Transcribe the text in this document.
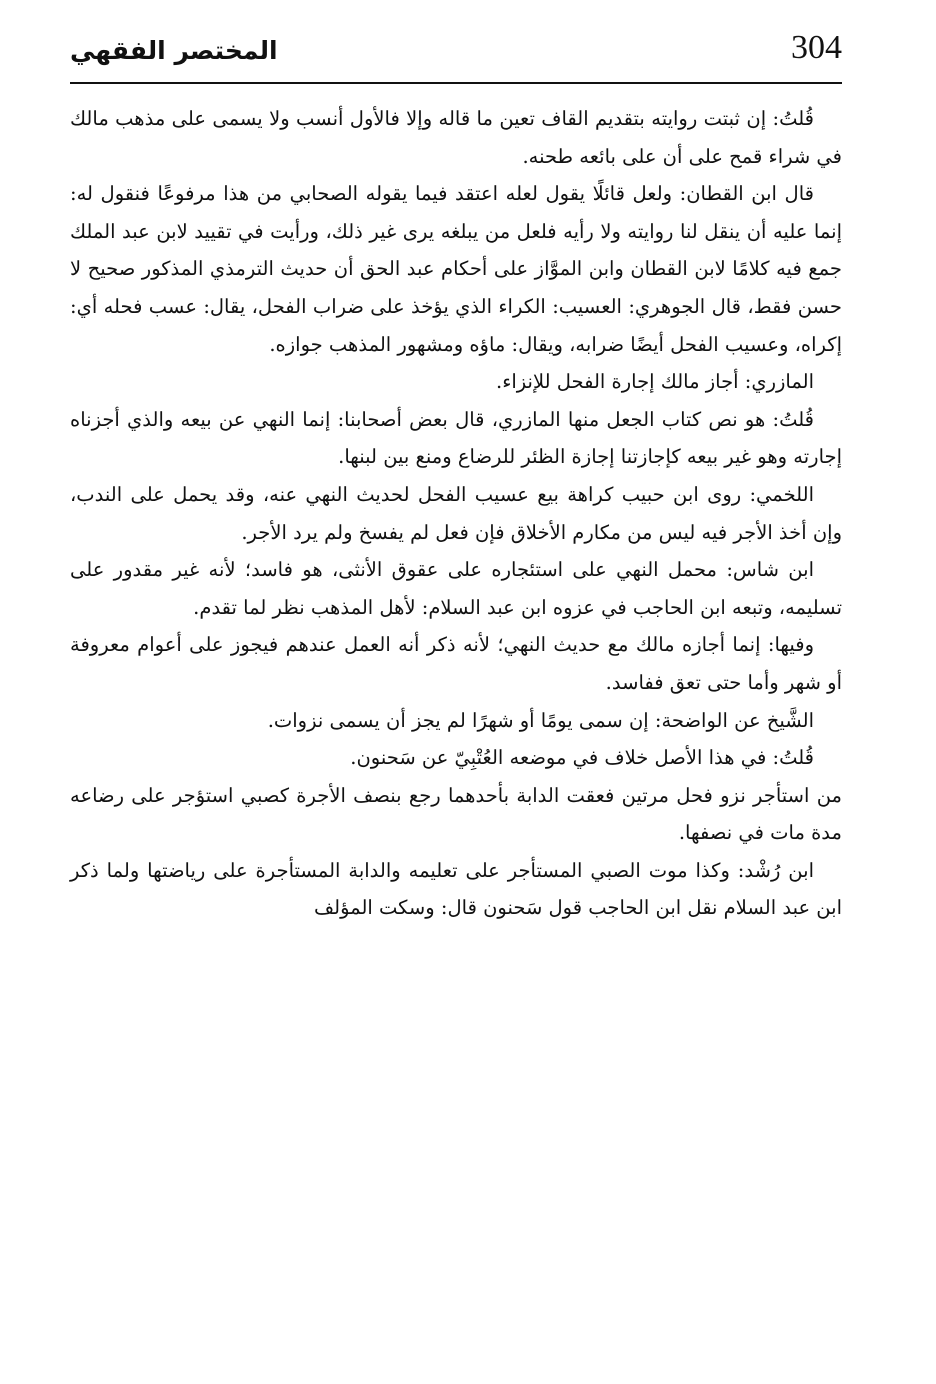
304
المختصر الفقهي

قُلتُ: إن ثبتت روايته بتقديم القاف تعين ما قاله وإلا فالأول أنسب ولا يسمى على مذهب مالك في شراء قمح على أن على بائعه طحنه.

قال ابن القطان: ولعل قائلًا يقول لعله اعتقد فيما يقوله الصحابي من هذا مرفوعًا فنقول له: إنما عليه أن ينقل لنا روايته ولا رأيه فلعل من يبلغه يرى غير ذلك، ورأيت في تقييد لابن عبد الملك جمع فيه كلامًا لابن القطان وابن الموَّاز على أحكام عبد الحق أن حديث الترمذي المذكور صحيح لا حسن فقط، قال الجوهري: العسيب: الكراء الذي يؤخذ على ضراب الفحل، يقال: عسب فحله أي: إكراه، وعسيب الفحل أيضًا ضرابه، ويقال: ماؤه ومشهور المذهب جوازه.

المازري: أجاز مالك إجارة الفحل للإنزاء.

قُلتُ: هو نص كتاب الجعل منها المازري، قال بعض أصحابنا: إنما النهي عن بيعه والذي أجزناه إجارته وهو غير بيعه كإجازتنا إجازة الظئر للرضاع ومنع بين لبنها.

اللخمي: روى ابن حبيب كراهة بيع عسيب الفحل لحديث النهي عنه، وقد يحمل على الندب، وإن أخذ الأجر فيه ليس من مكارم الأخلاق فإن فعل لم يفسخ ولم يرد الأجر.

ابن شاس: محمل النهي على استئجاره على عقوق الأنثى، هو فاسد؛ لأنه غير مقدور على تسليمه، وتبعه ابن الحاجب في عزوه ابن عبد السلام: لأهل المذهب نظر لما تقدم.

وفيها: إنما أجازه مالك مع حديث النهي؛ لأنه ذكر أنه العمل عندهم فيجوز على أعوام معروفة أو شهر وأما حتى تعق ففاسد.

الشَّيخ عن الواضحة: إن سمى يومًا أو شهرًا لم يجز أن يسمى نزوات.

قُلتُ: في هذا الأصل خلاف في موضعه العُتْبِيّ عن سَحنون.

من استأجر نزو فحل مرتين فعقت الدابة بأحدهما رجع بنصف الأجرة كصبي استؤجر على رضاعه مدة مات في نصفها.

ابن رُشْد: وكذا موت الصبي المستأجر على تعليمه والدابة المستأجرة على رياضتها ولما ذكر ابن عبد السلام نقل ابن الحاجب قول سَحنون قال: وسكت المؤلف
